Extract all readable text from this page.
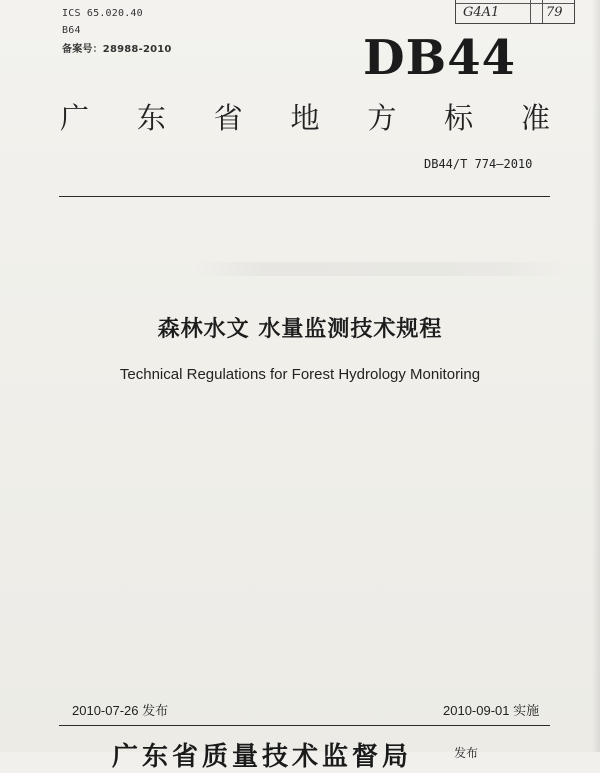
ICS 65.020.40
B64
备案号：28988-2010
G4A1	79
DB44
广 东 省 地 方 标 准
DB44/T 774—2010
森林水文 水量监测技术规程
Technical Regulations for Forest Hydrology Monitoring
2010-07-26 发布	2010-09-01 实施
广东省质量技术监督局	发布
